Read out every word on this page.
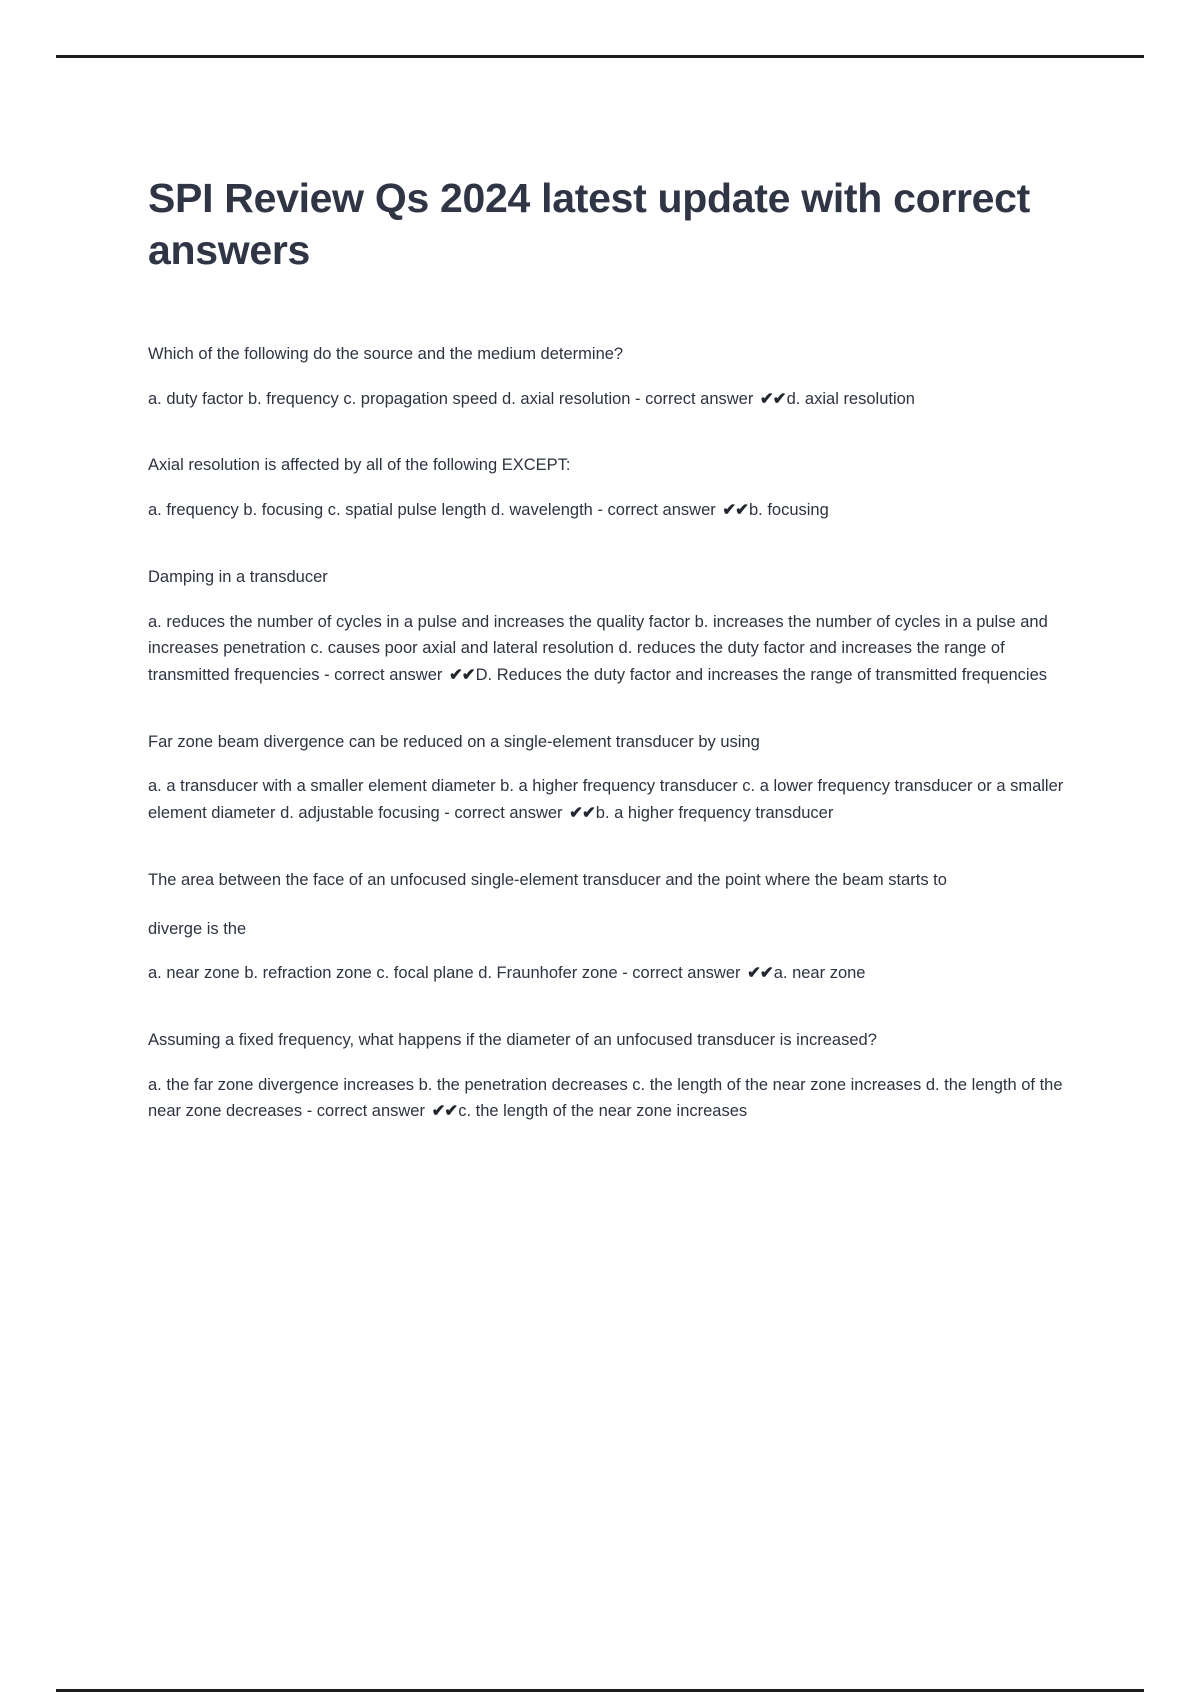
SPI Review Qs 2024 latest update with correct answers

Which of the following do the source and the medium determine?

a. duty factor b. frequency c. propagation speed d. axial resolution - correct answer ✔✔d. axial resolution

Axial resolution is affected by all of the following EXCEPT:

a. frequency b. focusing c. spatial pulse length d. wavelength - correct answer ✔✔b. focusing

Damping in a transducer

a. reduces the number of cycles in a pulse and increases the quality factor b. increases the number of cycles in a pulse and increases penetration c. causes poor axial and lateral resolution d. reduces the duty factor and increases the range of transmitted frequencies - correct answer ✔✔D. Reduces the duty factor and increases the range of transmitted frequencies

Far zone beam divergence can be reduced on a single-element transducer by using

a. a transducer with a smaller element diameter b. a higher frequency transducer c. a lower frequency transducer or a smaller element diameter d. adjustable focusing - correct answer ✔✔b. a higher frequency transducer

The area between the face of an unfocused single-element transducer and the point where the beam starts to

diverge is the

a. near zone b. refraction zone c. focal plane d. Fraunhofer zone - correct answer ✔✔a. near zone

Assuming a fixed frequency, what happens if the diameter of an unfocused transducer is increased?

a. the far zone divergence increases b. the penetration decreases c. the length of the near zone increases d. the length of the near zone decreases - correct answer ✔✔c. the length of the near zone increases
